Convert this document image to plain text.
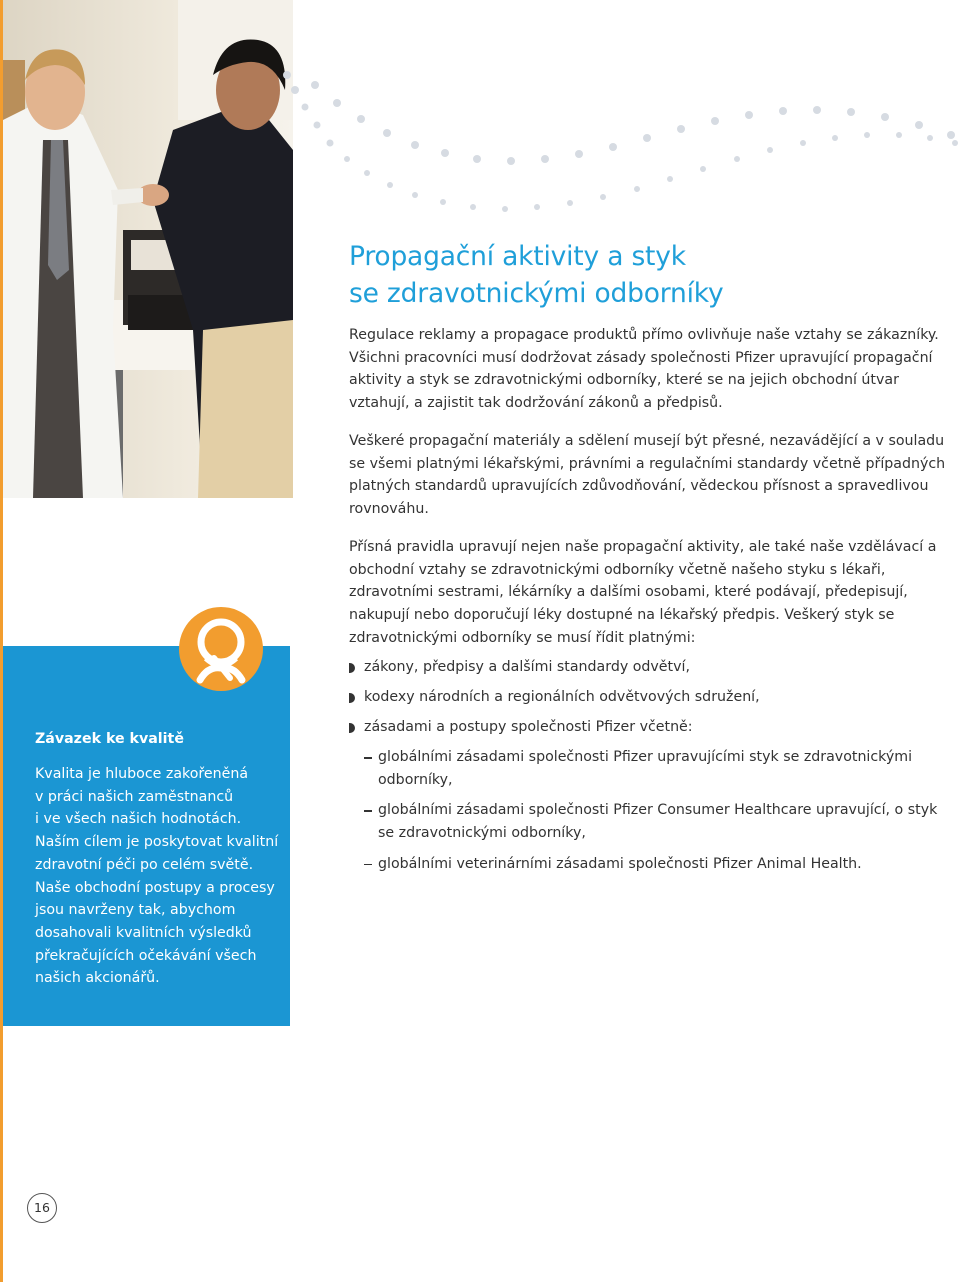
Propagační aktivity a styk
se zdravotnickými odborníky

Regulace reklamy a propagace produktů přímo ovlivňuje naše vztahy se zákazníky. Všichni pracovníci musí dodržovat zásady společnosti Pfizer upravující propagační aktivity a styk se zdravotnickými odborníky, které se na jejich obchodní útvar vztahují, a zajistit tak dodržování zákonů a předpisů.

Veškeré propagační materiály a sdělení musejí být přesné, nezavádějící a v souladu se všemi platnými lékařskými, právními a regulačními standardy včetně případných platných standardů upravujících zdůvodňování, vědeckou přísnost a spravedlivou rovnováhu.

Přísná pravidla upravují nejen naše propagační aktivity, ale také naše vzdělávací a obchodní vztahy se zdravotnickými odborníky včetně našeho styku s lékaři, zdravotními sestrami, lékárníky a dalšími osobami, které podávají, předepisují, nakupují nebo doporučují léky dostupné na lékařský předpis. Veškerý styk se zdravotnickými odborníky se musí řídit platnými:

zákony, předpisy a dalšími standardy odvětví,
kodexy národních a regionálních odvětvových sdružení,
zásadami a postupy společnosti Pfizer včetně:
globálními zásadami společnosti Pfizer upravujícími styk se zdravotnickými odborníky,
globálními zásadami společnosti Pfizer Consumer Healthcare upravující, o styk se zdravotnickými odborníky,
globálními veterinárními zásadami společnosti Pfizer Animal Health.
Závazek ke kvalitě

Kvalita je hluboce zakořeněná
v práci našich zaměstnanců
i ve všech našich hodnotách.
Naším cílem je poskytovat kvalitní
zdravotní péči po celém světě.
Naše obchodní postupy a procesy
jsou navrženy tak, abychom
dosahovali kvalitních výsledků
překračujících očekávání všech
našich akcionářů.

16
